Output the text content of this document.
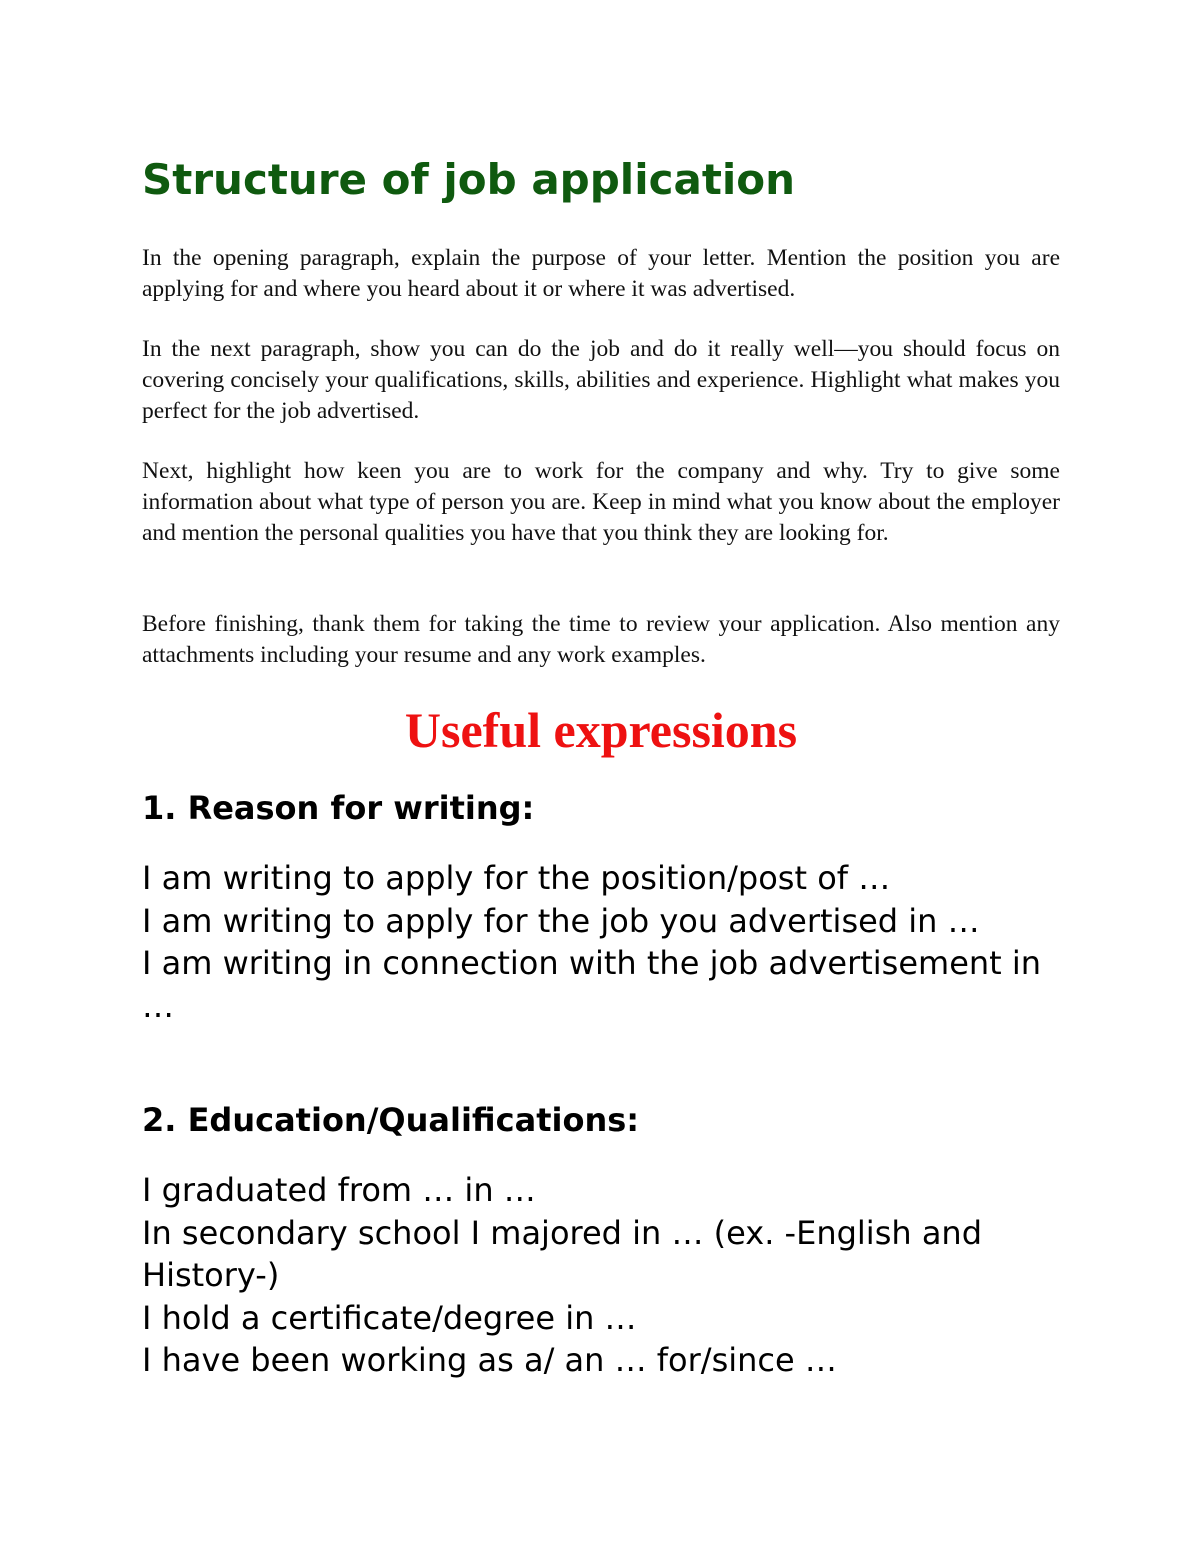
Structure of job application

In the opening paragraph, explain the purpose of your letter. Mention the position you are applying for and where you heard about it or where it was advertised.

In the next paragraph, show you can do the job and do it really well—you should focus on covering concisely your qualifications, skills, abilities and experience. Highlight what makes you perfect for the job advertised.

Next, highlight how keen you are to work for the company and why. Try to give some information about what type of person you are. Keep in mind what you know about the employer and mention the personal qualities you have that you think they are looking for.

Before finishing, thank them for taking the time to review your application. Also mention any attachments including your resume and any work examples.

Useful expressions
1. Reason for writing:
I am writing to apply for the position/post of …
I am writing to apply for the job you advertised in …
I am writing in connection with the job advertisement in …
2. Education/Qualifications:
I graduated from … in …
In secondary school I majored in … (ex. -English and History-)
I hold a certificate/degree in …
I have been working as a/ an … for/since …
